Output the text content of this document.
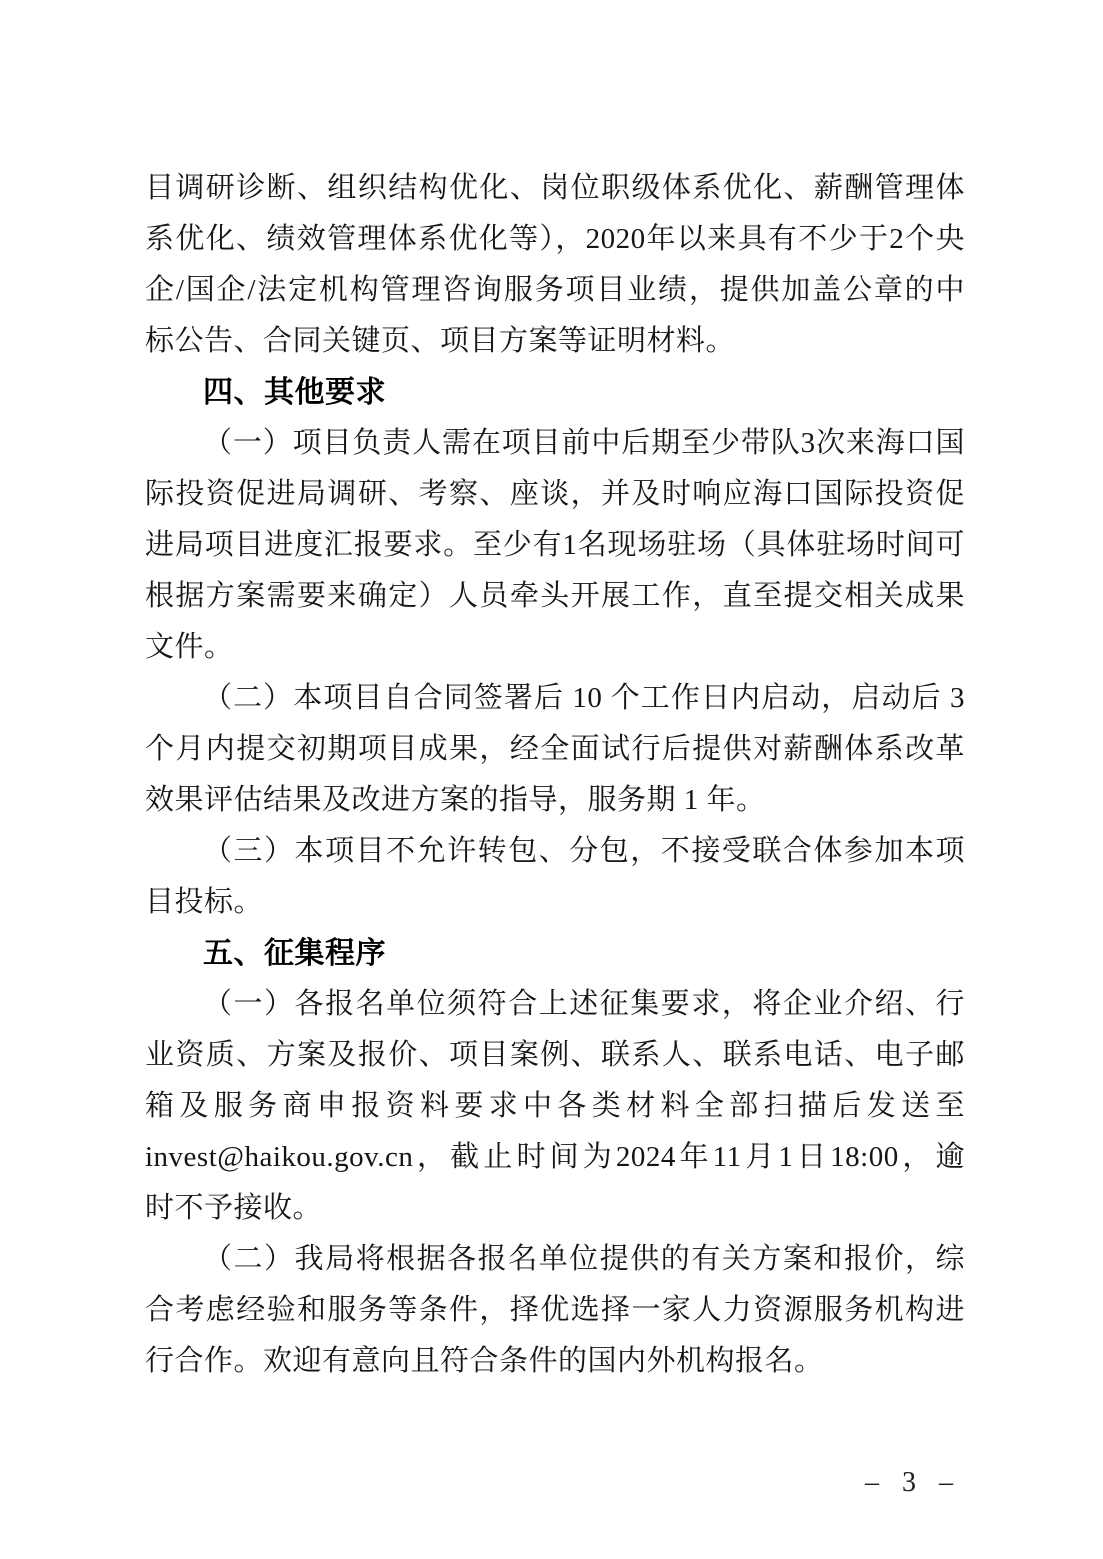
目调研诊断、组织结构优化、岗位职级体系优化、薪酬管理体
系优化、绩效管理体系优化等），2020年以来具有不少于2个央
企/国企/法定机构管理咨询服务项目业绩，提供加盖公章的中
标公告、合同关键页、项目方案等证明材料。
四、其他要求
（一）项目负责人需在项目前中后期至少带队3次来海口国
际投资促进局调研、考察、座谈，并及时响应海口国际投资促
进局项目进度汇报要求。至少有1名现场驻场（具体驻场时间可
根据方案需要来确定）人员牵头开展工作，直至提交相关成果
文件。
（二）本项目自合同签署后 10 个工作日内启动，启动后 3
个月内提交初期项目成果，经全面试行后提供对薪酬体系改革
效果评估结果及改进方案的指导，服务期 1 年。
（三）本项目不允许转包、分包，不接受联合体参加本项
目投标。
五、征集程序
（一）各报名单位须符合上述征集要求，将企业介绍、行
业资质、方案及报价、项目案例、联系人、联系电话、电子邮
箱及服务商申报资料要求中各类材料全部扫描后发送至
invest@haikou.gov.cn，截止时间为2024年11月1日18:00，逾
时不予接收。
（二）我局将根据各报名单位提供的有关方案和报价，综
合考虑经验和服务等条件，择优选择一家人力资源服务机构进
行合作。欢迎有意向且符合条件的国内外机构报名。
– 3 –
